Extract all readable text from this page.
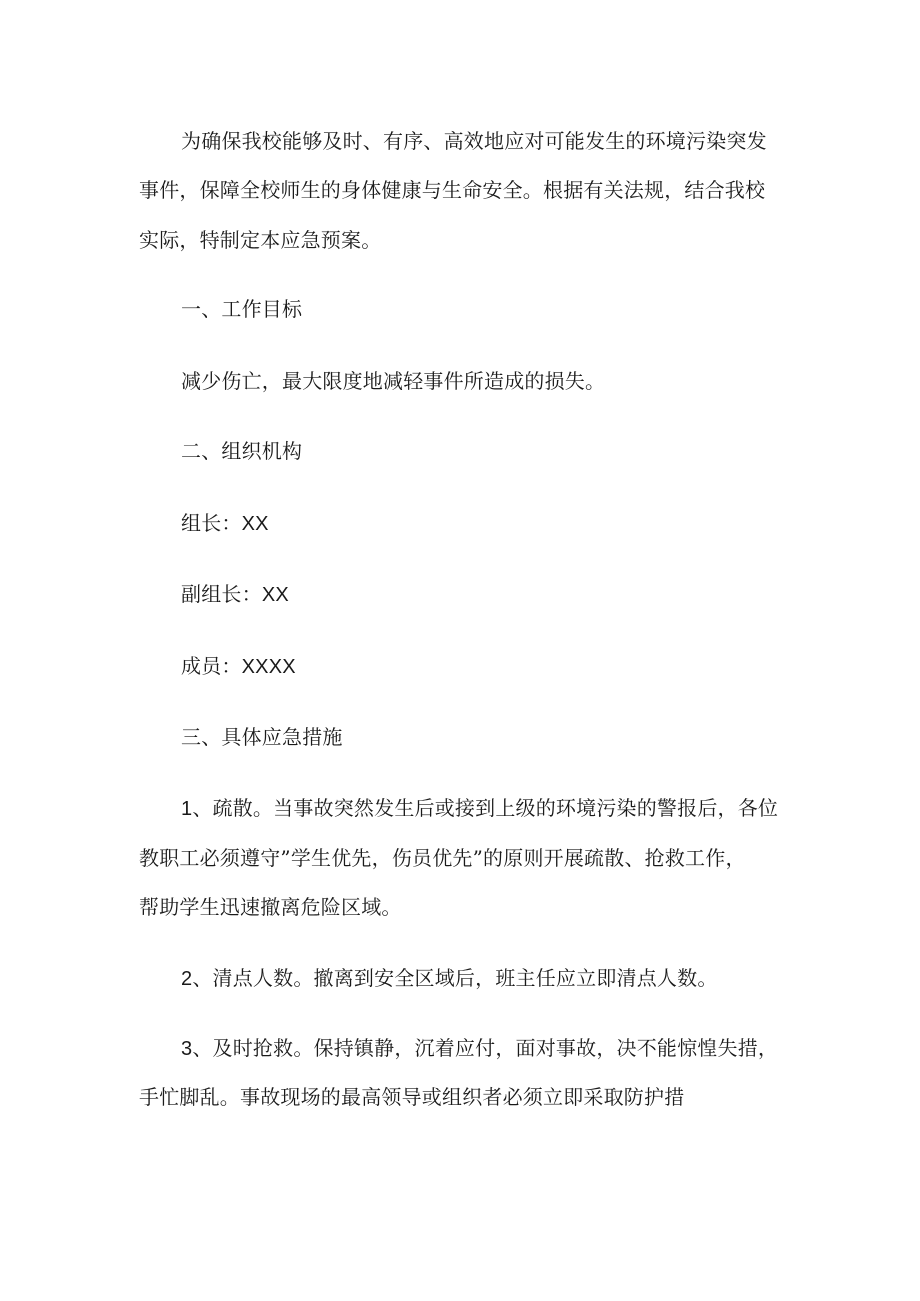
为确保我校能够及时、有序、高效地应对可能发生的环境污染突发
事件，保障全校师生的身体健康与生命安全。根据有关法规，结合我校
实际，特制定本应急预案。
一、工作目标
减少伤亡，最大限度地减轻事件所造成的损失。
二、组织机构
组长：XX
副组长：XX
成员：XXXX
三、具体应急措施
1、疏散。当事故突然发生后或接到上级的环境污染的警报后，各位
教职工必须遵守”学生优先，伤员优先”的原则开展疏散、抢救工作，
帮助学生迅速撤离危险区域。
2、清点人数。撤离到安全区域后，班主任应立即清点人数。
3、及时抢救。保持镇静，沉着应付，面对事故，决不能惊惶失措，
手忙脚乱。事故现场的最高领导或组织者必须立即采取防护措
